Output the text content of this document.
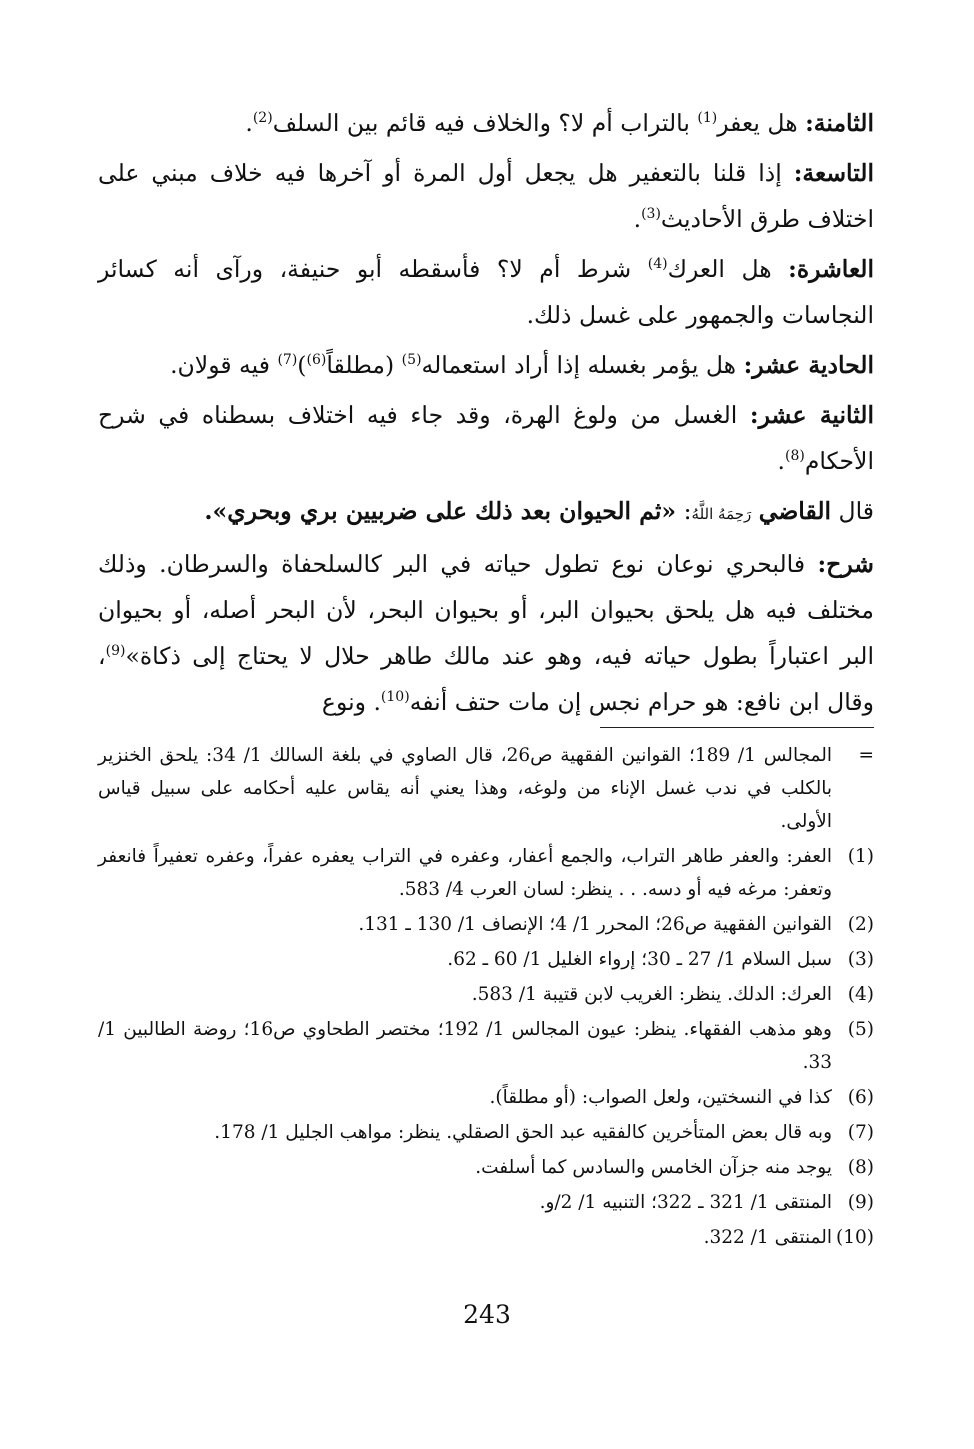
الثامنة: هل يعفر$^{(1)}$ بالتراب أم لا؟ والخلاف فيه قائم بين السلف$^{(2)}$.

التاسعة: إذا قلنا بالتعفير هل يجعل أول المرة أو آخرها فيه خلاف مبني على اختلاف طرق الأحاديث$^{(3)}$.

العاشرة: هل العرك$^{(4)}$ شرط أم لا؟ فأسقطه أبو حنيفة، ورآى أنه كسائر النجاسات والجمهور على غسل ذلك.

الحادية عشر: هل يؤمر بغسله إذا أراد استعماله$^{(5)}$ (مطلقاً$^{(6)}$)$^{(7)}$ فيه قولان.

الثانية عشر: الغسل من ولوغ الهرة، وقد جاء فيه اختلاف بسطناه في شرح الأحكام$^{(8)}$.

قال القاضي رَحِمَهُ اللَّهُ: «ثم الحيوان بعد ذلك على ضربيين بري وبحري».

شرح: فالبحري نوعان نوع تطول حياته في البر كالسلحفاة والسرطان. وذلك مختلف فيه هل يلحق بحيوان البر، أو بحيوان البحر، لأن البحر أصله، أو بحيوان البر اعتباراً بطول حياته فيه، وهو عند مالك طاهر حلال لا يحتاج إلى ذكاة»$^{(9)}$، وقال ابن نافع: هو حرام نجس إن مات حتف أنفه$^{(10)}$. ونوع

=
المجالس 1/ 189؛ القوانين الفقهية ص26، قال الصاوي في بلغة السالك 1/ 34: يلحق الخنزير بالكلب في ندب غسل الإناء من ولوغه، وهذا يعني أنه يقاس عليه أحكامه على سبيل قياس الأولى.
(1)
العفر: والعفر طاهر التراب، والجمع أعفار، وعفره في التراب يعفره عفراً، وعفره تعفيراً فانعفر وتعفر: مرغه فيه أو دسه. . . ينظر: لسان العرب 4/ 583.
(2)
القوانين الفقهية ص26؛ المحرر 1/ 4؛ الإنصاف 1/ 130 ـ 131.
(3)
سبل السلام 1/ 27 ـ 30؛ إرواء الغليل 1/ 60 ـ 62.
(4)
العرك: الدلك. ينظر: الغريب لابن قتيبة 1/ 583.
(5)
وهو مذهب الفقهاء. ينظر: عيون المجالس 1/ 192؛ مختصر الطحاوي ص16؛ روضة الطالبين 1/ 33.
(6)
كذا في النسختين، ولعل الصواب: (أو مطلقاً).
(7)
وبه قال بعض المتأخرين كالفقيه عبد الحق الصقلي. ينظر: مواهب الجليل 1/ 178.
(8)
يوجد منه جزآن الخامس والسادس كما أسلفت.
(9)
المنتقى 1/ 321 ـ 322؛ التنبيه 1/ 2/و.
(10)
المنتقى 1/ 322.
243
